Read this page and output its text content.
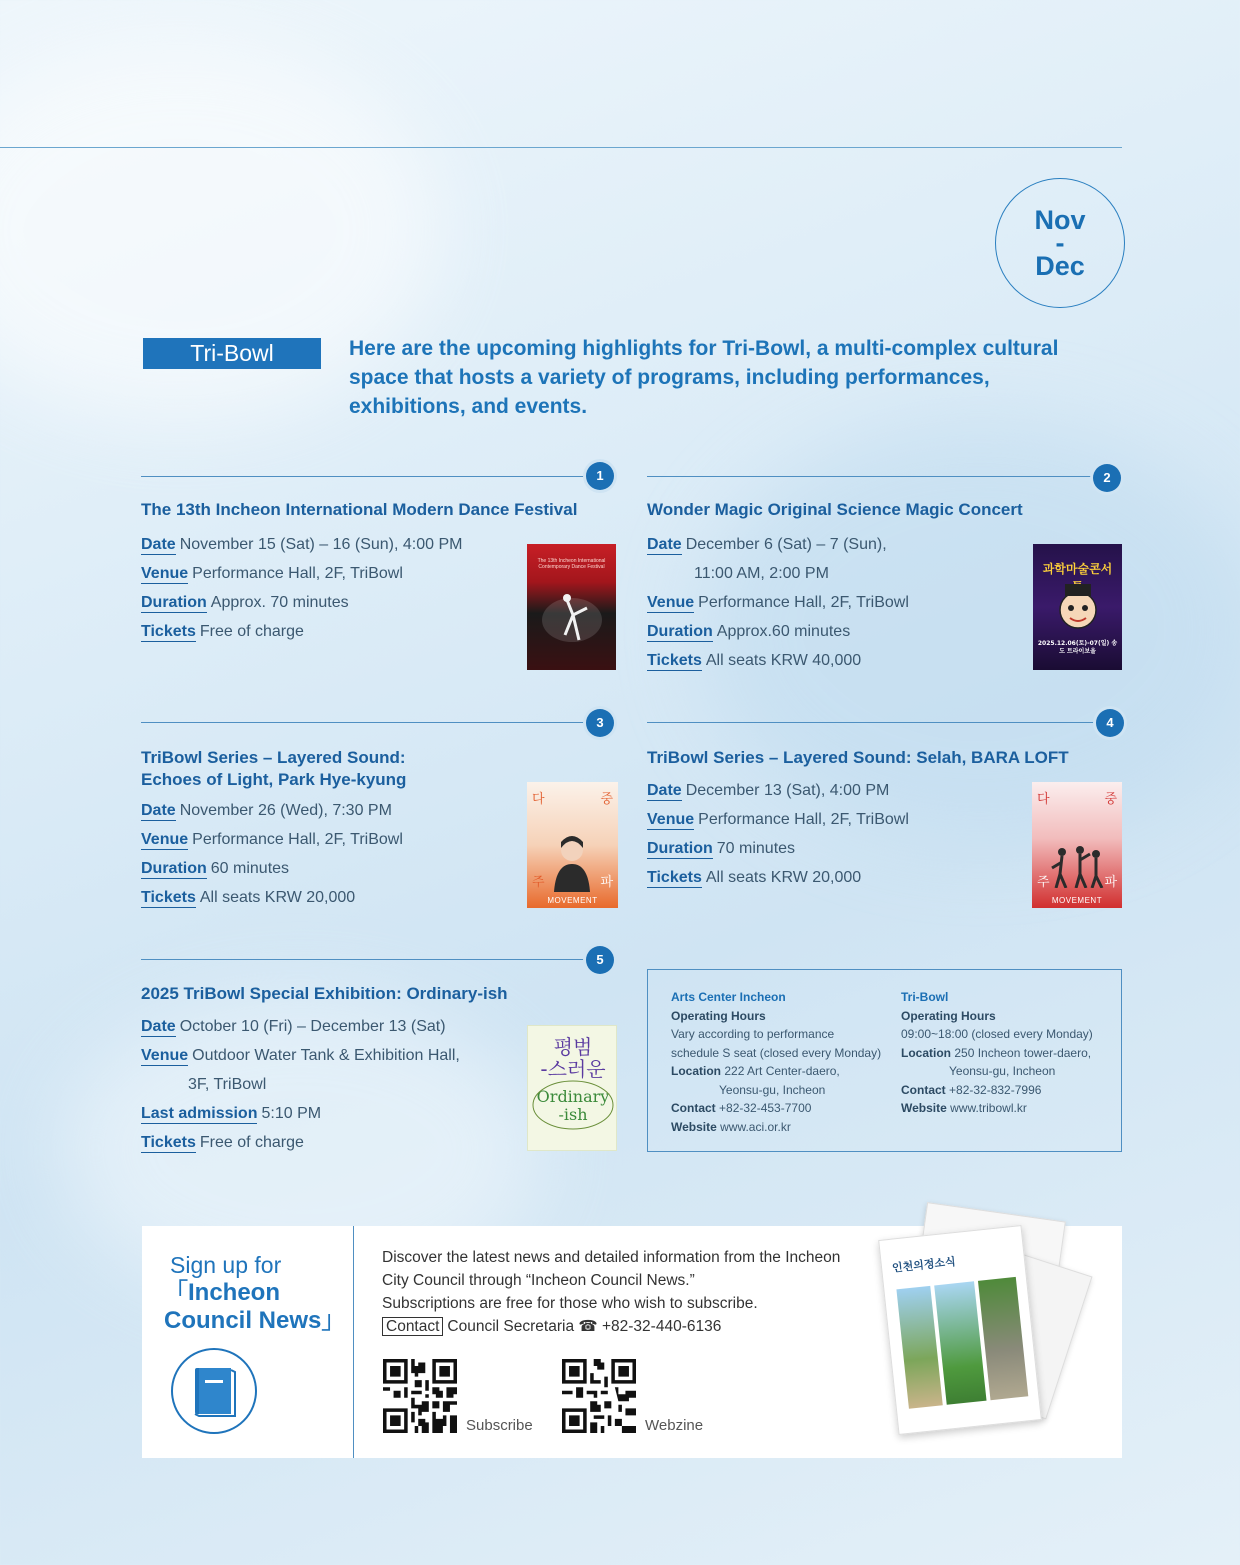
Nov
-
Dec
Tri-Bowl	Here are the upcoming highlights for Tri-Bowl, a multi-complex cultural space that hosts a variety of programs, including performances, exhibitions, and events.
1
The 13th Incheon International Modern Dance Festival
Date November 15 (Sat) – 16 (Sun), 4:00 PM
Venue Performance Hall, 2F, TriBowl
Duration Approx. 70 minutes
Tickets Free of charge
The 13th Incheon International Contemporary Dance Festival
2
Wonder Magic Original Science Magic Concert
Date December 6 (Sat) – 7 (Sun),
11:00 AM, 2:00 PM
Venue Performance Hall, 2F, TriBowl
Duration Approx.60 minutes
Tickets All seats KRW 40,000
과학마술콘서
2025.12.06(토)-07(일) 송도 트라이보울
3
TriBowl Series – Layered Sound:
Echoes of Light, Park Hye-kyung
Date November 26 (Wed), 7:30 PM
Venue Performance Hall, 2F, TriBowl
Duration 60 minutes
Tickets All seats KRW 20,000
다	중
주	파
MOVEMENT
4
TriBowl Series – Layered Sound: Selah, BARA LOFT
Date December 13 (Sat), 4:00 PM
Venue Performance Hall, 2F, TriBowl
Duration 70 minutes
Tickets All seats KRW 20,000
다	중
주	파
MOVEMENT
5
2025 TriBowl Special Exhibition: Ordinary-ish
Date October 10 (Fri) – December 13 (Sat)
Venue Outdoor Water Tank & Exhibition Hall,
3F, TriBowl
Last admission 5:10 PM
Tickets Free of charge
평범
-스러운
Ordinary
-ish
Arts Center Incheon
Operating Hours
Vary according to performance
schedule S seat (closed every Monday)
Location 222 Art Center-daero,
Yeonsu-gu, Incheon
Contact +82-32-453-7700
Website www.aci.or.kr
Tri-Bowl
Operating Hours
09:00~18:00 (closed every Monday)
Location 250 Incheon tower-daero,
Yeonsu-gu, Incheon
Contact +82-32-832-7996
Website www.tribowl.kr
Sign up for
「Incheon
Council News」
Discover the latest news and detailed information from the Incheon
City Council through “Incheon Council News.”
Subscriptions are free for those who wish to subscribe.
Contact Council Secretaria ☎ +82-32-440-6136
Subscribe	Webzine
인천의정소식
